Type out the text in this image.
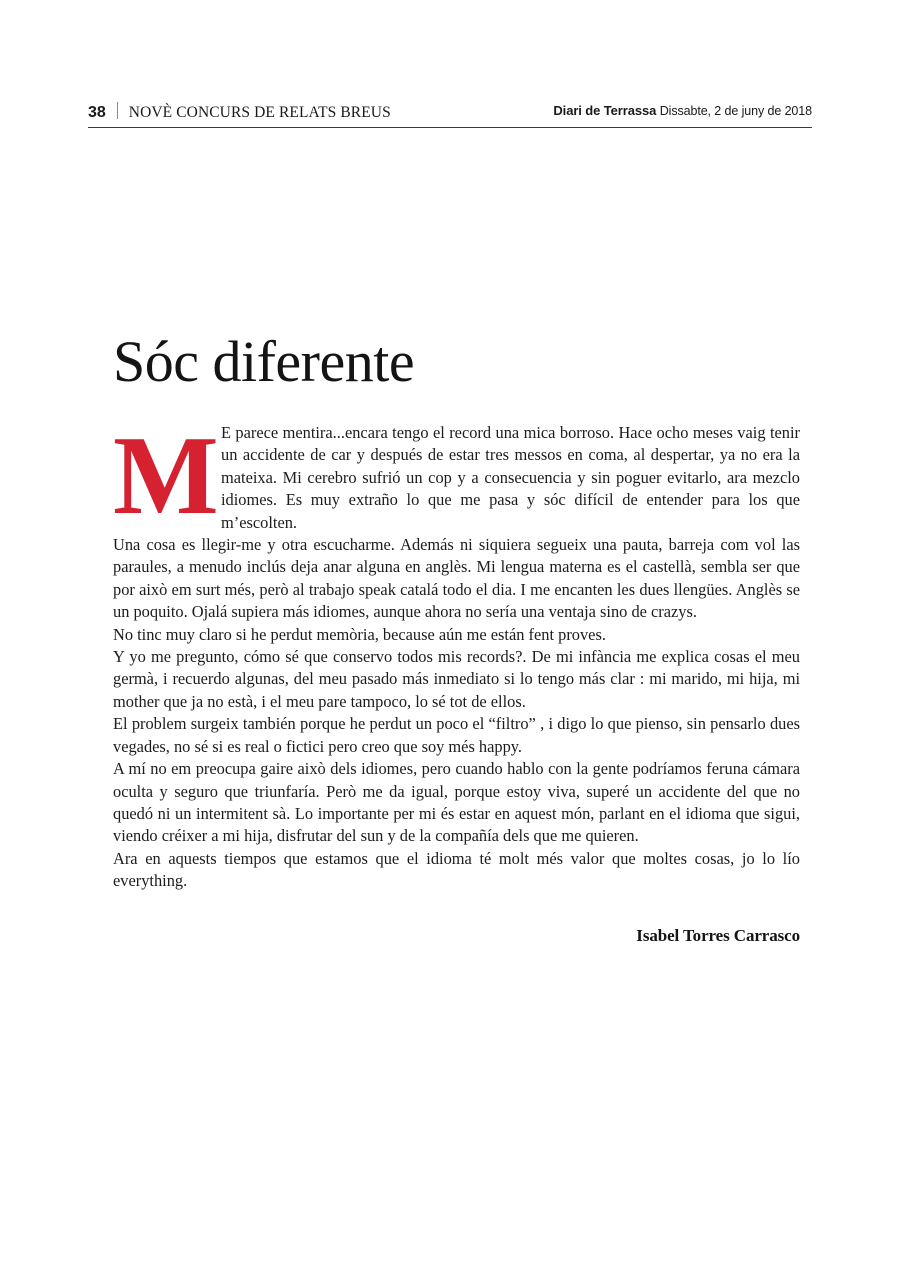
38 NOVÈ CONCURS DE RELATS BREUS	Diari de Terrassa Dissabte, 2 de juny de 2018
Sóc diferente
M E parece mentira...encara tengo el record una mica borroso. Hace ocho meses vaig tenir un accidente de car y después de estar tres messos en coma, al despertar, ya no era la mateixa. Mi cerebro sufrió un cop y a consecuencia y sin poguer evitarlo, ara mezclo idiomes. Es muy extraño lo que me pasa y sóc difícil de entender para los que m’escolten.

Una cosa es llegir-me y otra escucharme. Además ni siquiera segueix una pauta, barreja com vol las paraules, a menudo inclús deja anar alguna en anglès. Mi lengua materna es el castellà, sembla ser que por això em surt més, però al trabajo speak catalá todo el dia. I me encanten les dues llengües. Anglès se un poquito. Ojalá supiera más idiomes, aunque ahora no sería una ventaja sino de crazys.

No tinc muy claro si he perdut memòria, because aún me están fent proves.

Y yo me pregunto, cómo sé que conservo todos mis records?. De mi infància me explica cosas el meu germà, i recuerdo algunas, del meu pasado más inmediato si lo tengo más clar : mi marido, mi hija, mi mother que ja no està, i el meu pare tampoco, lo sé tot de ellos.

El problem surgeix también porque he perdut un poco el “filtro” , i digo lo que pienso, sin pensarlo dues vegades, no sé si es real o fictici pero creo que soy més happy.

A mí no em preocupa gaire això dels idiomes, pero cuando hablo con la gente podríamos feruna cámara oculta y seguro que triunfaría. Però me da igual, porque estoy viva, superé un accidente del que no quedó ni un intermitent sà. Lo importante per mi és estar en aquest món, parlant en el idioma que sigui, viendo créixer a mi hija, disfrutar del sun y de la compañía dels que me quieren.

Ara en aquests tiempos que estamos que el idioma té molt més valor que moltes cosas, jo lo lío everything.

Isabel Torres Carrasco
